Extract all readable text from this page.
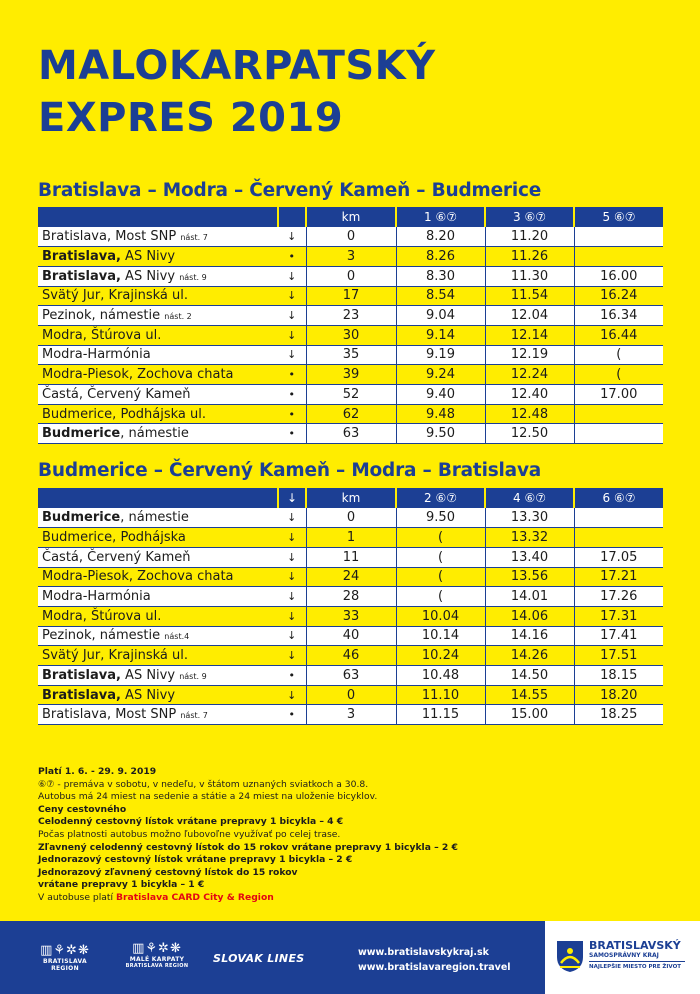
MALOKARPATSKÝ
EXPRES 2019
Bratislava – Modra – Červený Kameň – Budmerice
		km	1 ⑥⑦	3 ⑥⑦	5 ⑥⑦
Bratislava, Most SNP nást. 7	↓	0	8.20	11.20	
Bratislava, AS Nivy	•	3	8.26	11.26	
Bratislava, AS Nivy nást. 9	↓	0	8.30	11.30	16.00
Svätý Jur, Krajinská ul.	↓	17	8.54	11.54	16.24
Pezinok, námestie nást. 2	↓	23	9.04	12.04	16.34
Modra, Štúrova ul.	↓	30	9.14	12.14	16.44
Modra-Harmónia	↓	35	9.19	12.19	(
Modra-Piesok, Zochova chata	•	39	9.24	12.24	(
Častá, Červený Kameň	•	52	9.40	12.40	17.00
Budmerice, Podhájska ul.	•	62	9.48	12.48	
Budmerice, námestie	•	63	9.50	12.50	
Budmerice – Červený Kameň – Modra – Bratislava
	↓	km	2 ⑥⑦	4 ⑥⑦	6 ⑥⑦
Budmerice, námestie	↓	0	9.50	13.30	
Budmerice, Podhájska	↓	1	(	13.32	
Častá, Červený Kameň	↓	11	(	13.40	17.05
Modra-Piesok, Zochova chata	↓	24	(	13.56	17.21
Modra-Harmónia	↓	28	(	14.01	17.26
Modra, Štúrova ul.	↓	33	10.04	14.06	17.31
Pezinok, námestie nást.4	↓	40	10.14	14.16	17.41
Svätý Jur, Krajinská ul.	↓	46	10.24	14.26	17.51
Bratislava, AS Nivy nást. 9	•	63	10.48	14.50	18.15
Bratislava, AS Nivy	↓	0	11.10	14.55	18.20
Bratislava, Most SNP nást. 7	•	3	11.15	15.00	18.25
Platí 1. 6. - 29. 9. 2019
⑥⑦ - premáva v sobotu, v nedeľu, v štátom uznaných sviatkoch a 30.8.
Autobus má 24 miest na sedenie a státie a 24 miest na uloženie bicyklov.
Ceny cestovného
Celodenný cestovný lístok vrátane prepravy 1 bicykla – 4 €
Počas platnosti autobus možno ľubovoľne využívať po celej trase.
Zľavnený celodenný cestovný lístok do 15 rokov vrátane prepravy 1 bicykla – 2 €
Jednorazový cestovný lístok vrátane prepravy 1 bicykla – 2 €
Jednorazový zľavnený cestovný lístok do 15 rokov
vrátane prepravy 1 bicykla – 1 €
V autobuse platí Bratislava CARD City & Region
▥⚘✲❋
BRATISLAVA REGION
▥⚘✲❋
MALÉ KARPATY
BRATISLAVA REGION
SLOVAK LINES	www.bratislavskykraj.sk
www.bratislavaregion.travel
BRATISLAVSKÝ
SAMOSPRÁVNY KRAJ
NAJLEPŠIE MIESTO PRE ŽIVOT
